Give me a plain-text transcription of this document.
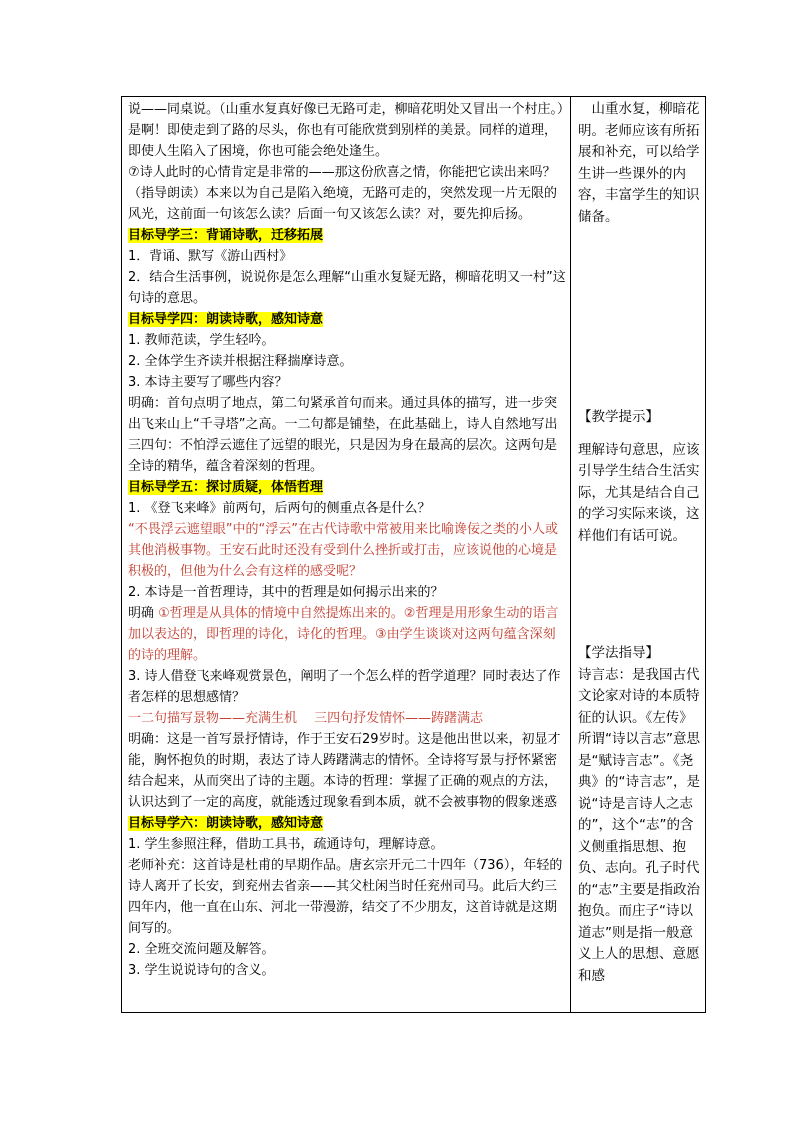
说——同桌说。（山重水复真好像已无路可走，柳暗花明处又冒出一个村庄。）是啊！即使走到了路的尽头，你也有可能欣赏到别样的美景。同样的道理，即使人生陷入了困境，你也可能会绝处逢生。

⑦诗人此时的心情肯定是非常的——那这份欣喜之情，你能把它读出来吗？（指导朗读）本来以为自己是陷入绝境，无路可走的，突然发现一片无限的风光，这前面一句该怎么读？后面一句又该怎么读？对，要先抑后扬。

目标导学三：背诵诗歌，迁移拓展

1．背诵、默写《游山西村》

2．结合生活事例，说说你是怎么理解“山重水复疑无路，柳暗花明又一村”这句诗的意思。

目标导学四：朗读诗歌，感知诗意

1. 教师范读，学生轻吟。

2. 全体学生齐读并根据注释揣摩诗意。

3. 本诗主要写了哪些内容？

明确：首句点明了地点，第二句紧承首句而来。通过具体的描写，进一步突出飞来山上“千寻塔”之高。一二句都是铺垫，在此基础上，诗人自然地写出三四句：不怕浮云遮住了远望的眼光，只是因为身在最高的层次。这两句是全诗的精华，蕴含着深刻的哲理。

目标导学五：探讨质疑，体悟哲理

1. 《登飞来峰》前两句，后两句的侧重点各是什么？

“不畏浮云遮望眼”中的“浮云”在古代诗歌中常被用来比喻谗佞之类的小人或其他消极事物。王安石此时还没有受到什么挫折或打击，应该说他的心境是积极的，但他为什么会有这样的感受呢？

2. 本诗是一首哲理诗，其中的哲理是如何揭示出来的？

明确 ①哲理是从具体的情境中自然提炼出来的。②哲理是用形象生动的语言加以表达的，即哲理的诗化，诗化的哲理。③由学生谈谈对这两句蕴含深刻的诗的理解。

3. 诗人借登飞来峰观赏景色，阐明了一个怎么样的哲学道理？同时表达了作者怎样的思想感情？

一二句描写景物——充满生机　 三四句抒发情怀——踌躇满志

明确：这是一首写景抒情诗，作于王安石29岁时。这是他出世以来，初显才能，胸怀抱负的时期，表达了诗人踌躇满志的情怀。全诗将写景与抒怀紧密结合起来，从而突出了诗的主题。本诗的哲理：掌握了正确的观点的方法，认识达到了一定的高度，就能透过现象看到本质，就不会被事物的假象迷惑

目标导学六：朗读诗歌，感知诗意

1. 学生参照注释，借助工具书，疏通诗句，理解诗意。

老师补充：这首诗是杜甫的早期作品。唐玄宗开元二十四年（736），年轻的诗人离开了长安，到兖州去省亲——其父杜闲当时任兖州司马。此后大约三四年内，他一直在山东、河北一带漫游，结交了不少朋友，这首诗就是这期间写的。

2. 全班交流问题及解答。

3. 学生说说诗句的含义。

　山重水复，柳暗花明。老师应该有所拓展和补充，可以给学生讲一些课外的内容，丰富学生的知识储备。

【教学提示】

理解诗句意思，应该引导学生结合生活实际，尤其是结合自己的学习实际来谈，这样他们有话可说。

【学法指导】

诗言志：是我国古代文论家对诗的本质特征的认识。《左传》所谓“诗以言志”意思是“赋诗言志”。《尧典》的“诗言志”，是说“诗是言诗人之志的”，这个“志”的含义侧重指思想、抱负、志向。孔子时代的“志”主要是指政治抱负。而庄子“诗以道志”则是指一般意义上人的思想、意愿和感
